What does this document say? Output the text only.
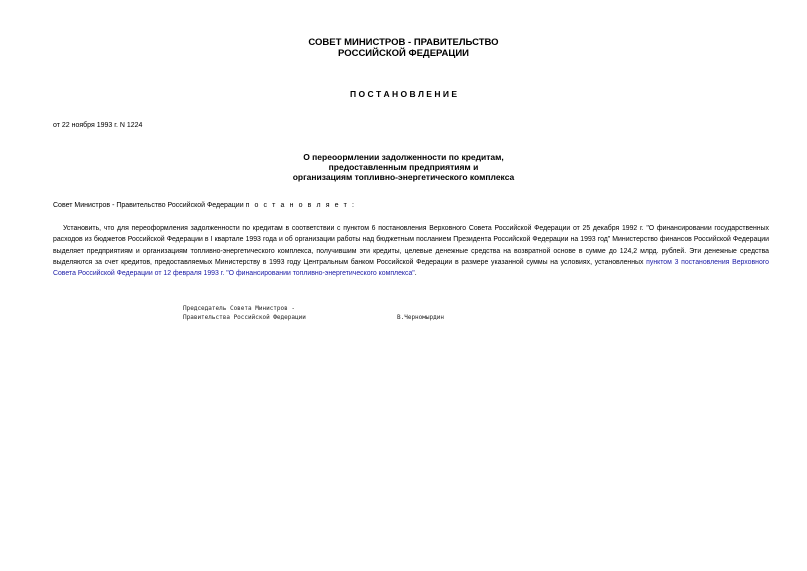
СОВЕТ МИНИСТРОВ - ПРАВИТЕЛЬСТВО
РОССИЙСКОЙ ФЕДЕРАЦИИ
П О С Т А Н О В Л Е Н И Е
от 22 ноября 1993 г. N 1224
О переоормлении задолженности по кредитам,
предоставленным предприятиям и
организациям топливно-энергетического комплекса
Совет Министров - Правительство Российской Федерации п о с т а н о в л я е т :
Установить, что для переоформления задолженности по кредитам в соответствии с пунктом 6 постановления Верховного Совета Российской Федерации от 25 декабря 1992 г. "О финансировании государственных расходов из бюджетов Российской Федерации в I квартале 1993 года и об организации работы над бюджетным посланием Президента Российской Федерации на 1993 год" Министерство финансов Российской Федерации выделяет предприятиям и организациям топливно-энергетического комплекса, получившим эти кредиты, целевые денежные средства на возвратной основе в сумме до 124,2 млрд. рублей. Эти денежные средства выделяются за счет кредитов, предоставляемых Министерству в 1993 году Центральным банком Российской Федерации в размере указанной суммы на условиях, установленных пунктом 3 постановления Верховного Совета Российской Федерации от 12 февраля 1993 г. "О финансировании топливно-энергетического комплекса".
Председатель Совета Министров -
Правительства Российской Федерации	В.Черномырдин
